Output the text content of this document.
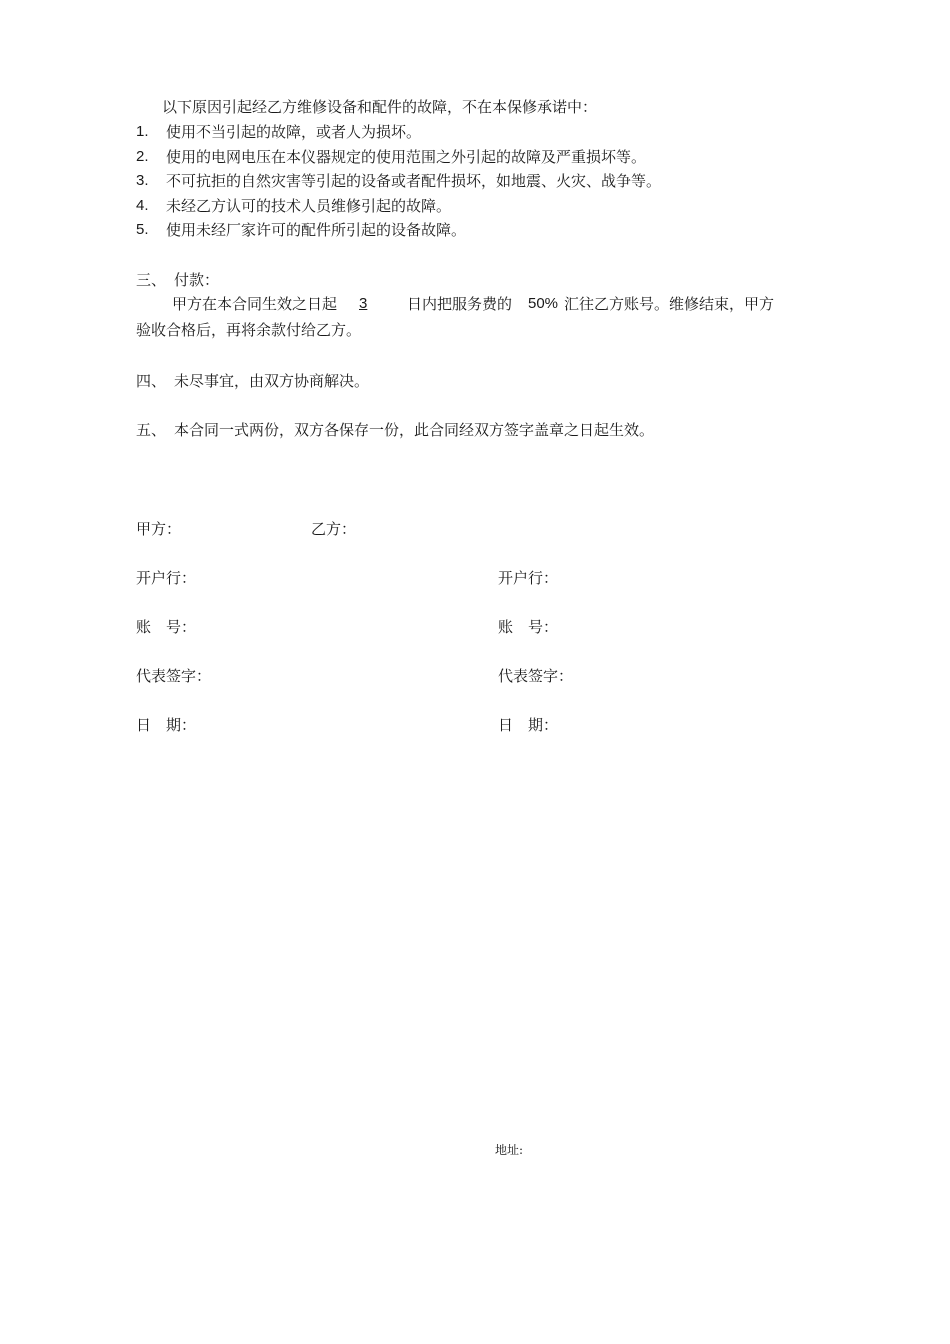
以下原因引起经乙方维修设备和配件的故障，不在本保修承诺中：
1. 使用不当引起的故障，或者人为损坏。
2. 使用的电网电压在本仪器规定的使用范围之外引起的故障及严重损坏等。
3. 不可抗拒的自然灾害等引起的设备或者配件损坏，如地震、火灾、战争等。
4. 未经乙方认可的技术人员维修引起的故障。
5. 使用未经厂家许可的配件所引起的设备故障。
三、 付款：
甲方在本合同生效之日起 3	日内把服务费的 50% 汇往乙方账号。维修结束，甲方
验收合格后，再将余款付给乙方。
四、 未尽事宜，由双方协商解决。
五、 本合同一式两份，双方各保存一份，此合同经双方签字盖章之日起生效。
甲方：	乙方：
开户行：	开户行：
账　号：	账　号：
代表签字：	代表签字：
日　期：	日　期：
地址:
